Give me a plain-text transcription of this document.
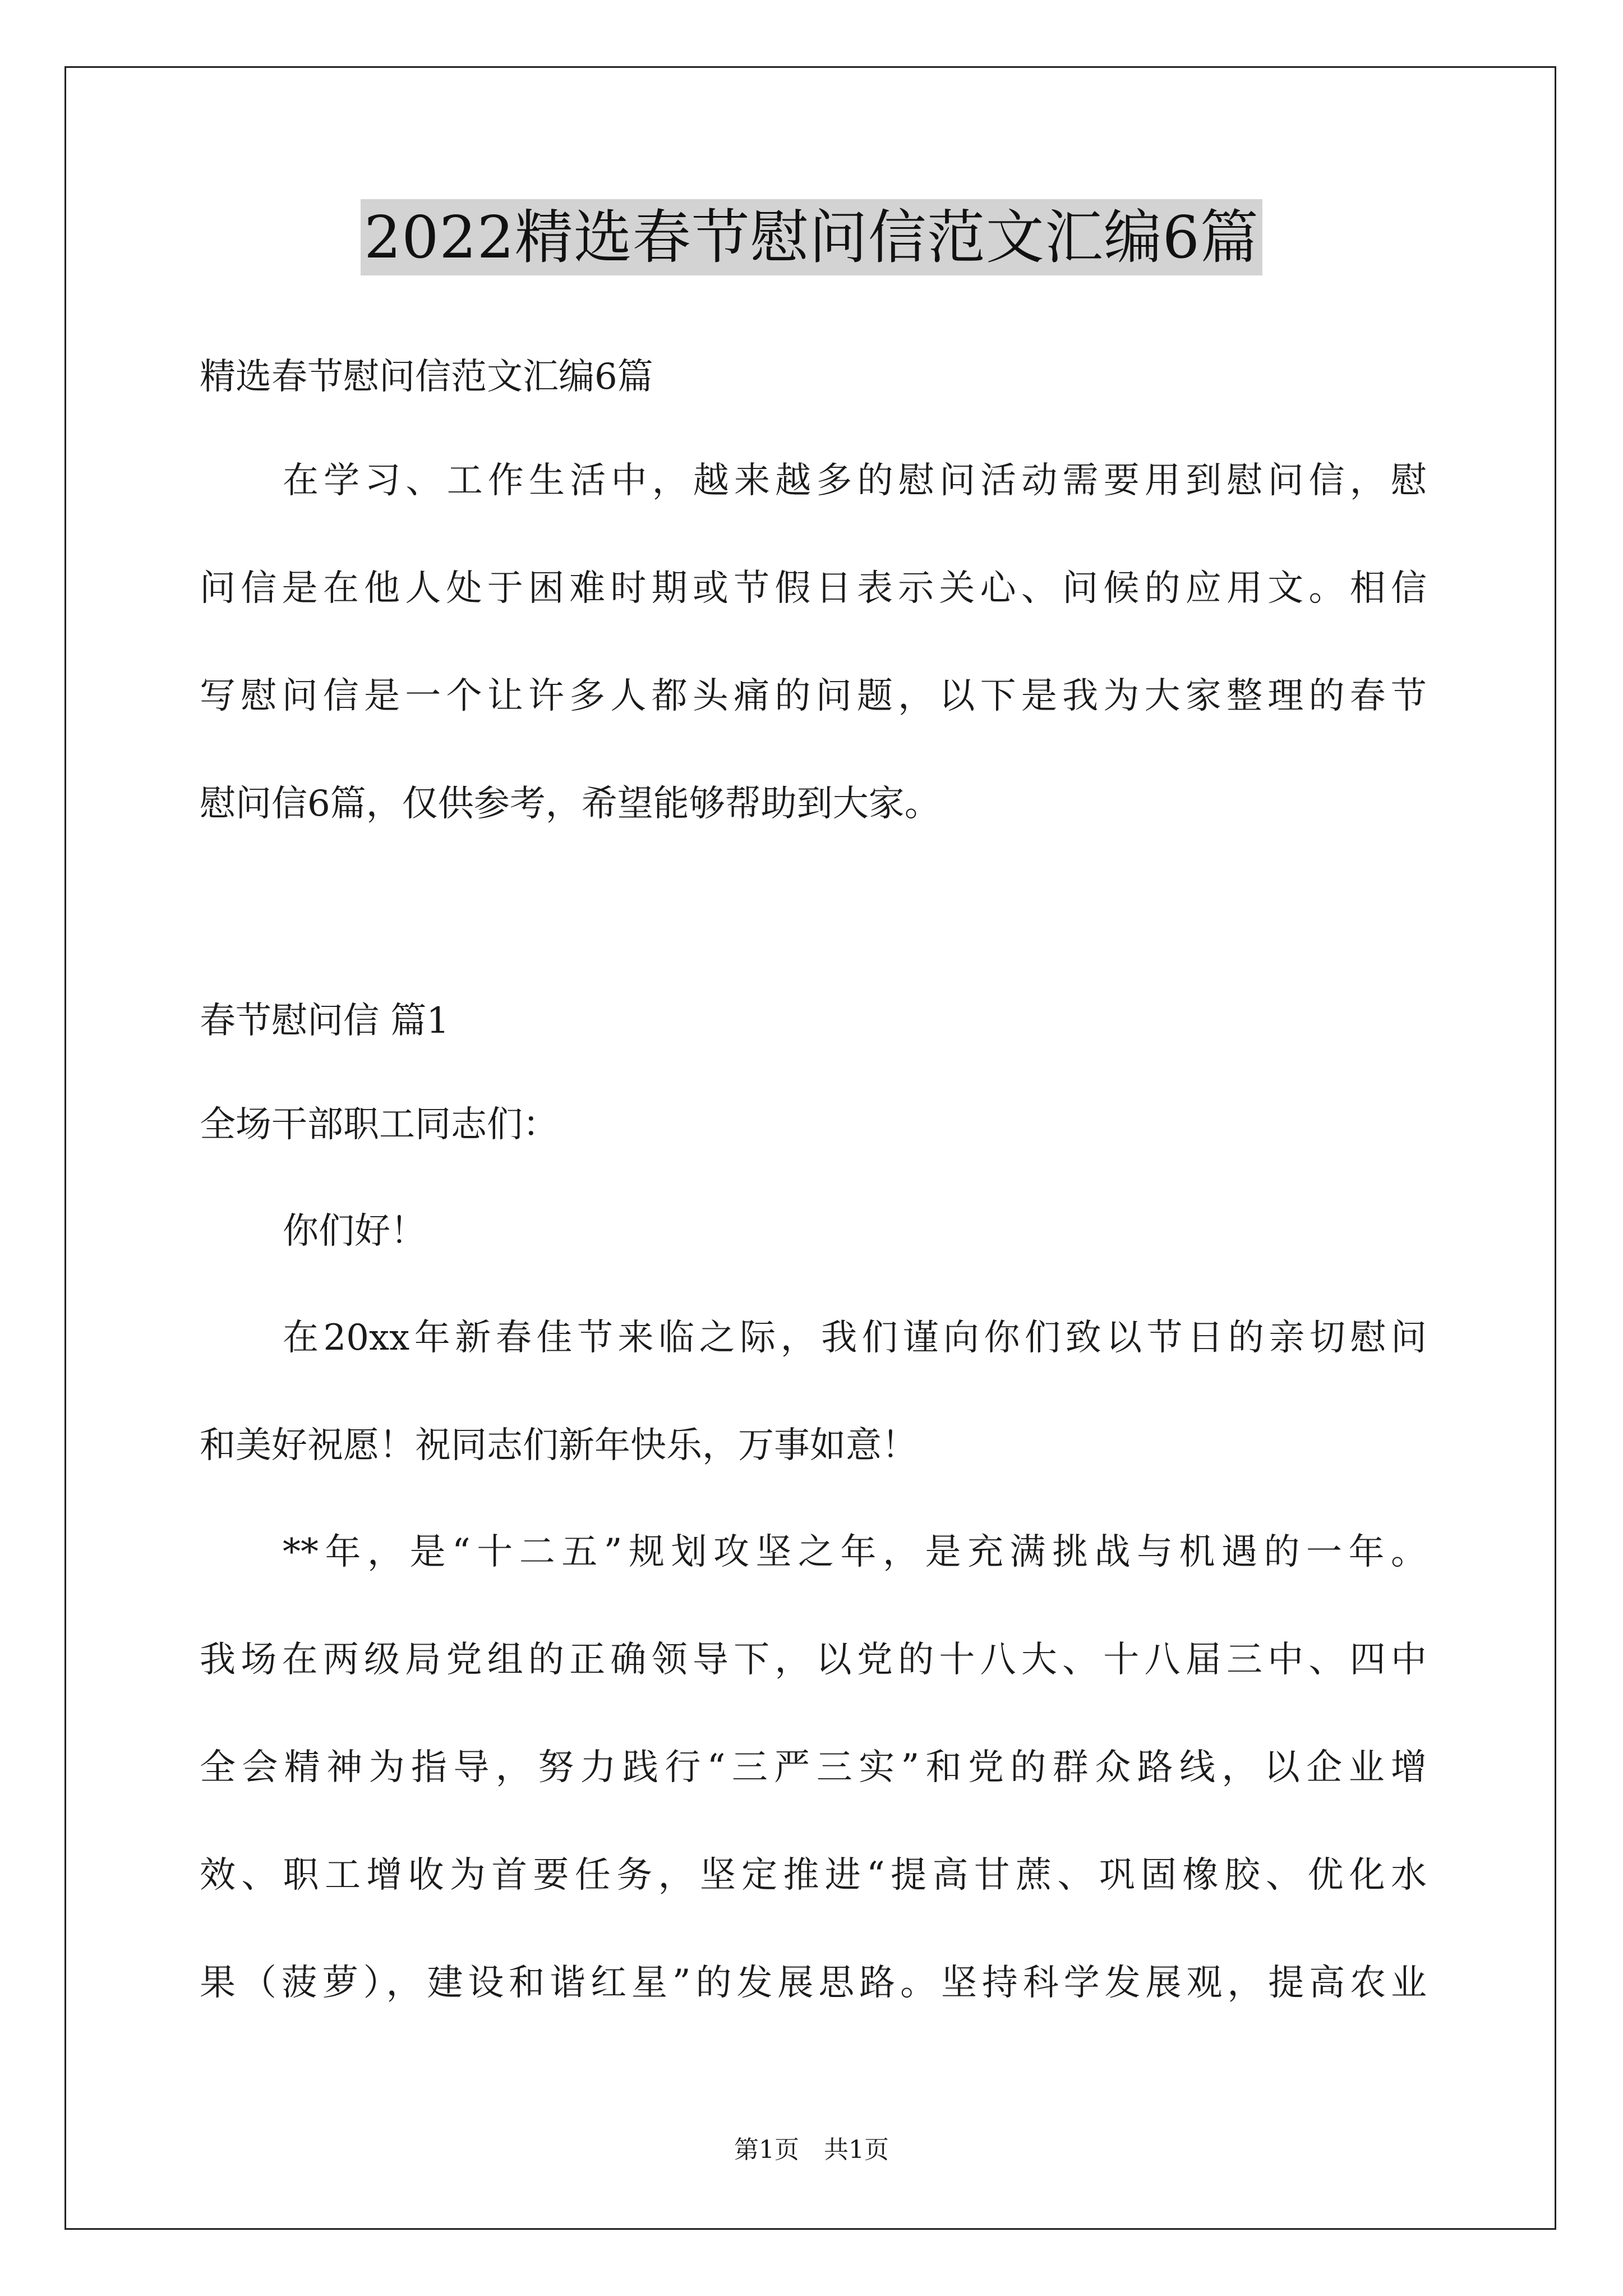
2022精选春节慰问信范文汇编6篇
精选春节慰问信范文汇编6篇
在学习、工作生活中，越来越多的慰问活动需要用到慰问信，慰
问信是在他人处于困难时期或节假日表示关心、问候的应用文。相信
写慰问信是一个让许多人都头痛的问题，以下是我为大家整理的春节
慰问信6篇，仅供参考，希望能够帮助到大家。
春节慰问信 篇1
全场干部职工同志们：
你们好！
在20xx年新春佳节来临之际，我们谨向你们致以节日的亲切慰问
和美好祝愿！祝同志们新年快乐，万事如意！
**年，是“十二五”规划攻坚之年，是充满挑战与机遇的一年。
我场在两级局党组的正确领导下，以党的十八大、十八届三中、四中
全会精神为指导，努力践行“三严三实”和党的群众路线，以企业增
效、职工增收为首要任务，坚定推进“提高甘蔗、巩固橡胶、优化水
果（菠萝），建设和谐红星”的发展思路。坚持科学发展观，提高农业
第1页　共1页
